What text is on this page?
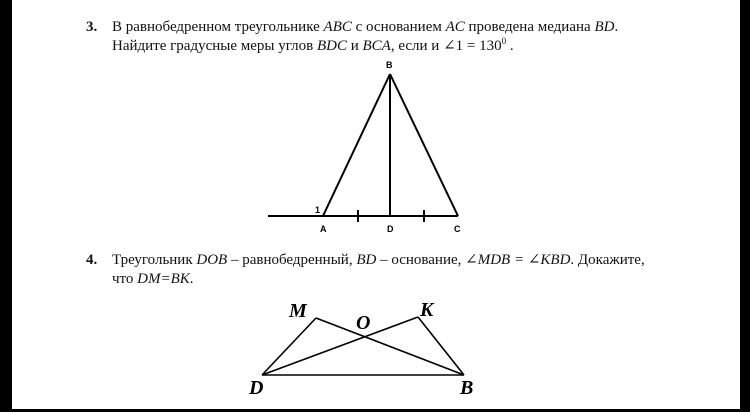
3. В равнобедренном треугольнике ABC с основанием AC проведена медиана BD.
Найдите градусные меры углов BDC и BCA, если и ∠1 = $130^0$ .
4. Треугольник DOB – равнобедренный, BD – основание, ∠MDB = ∠KBD. Докажите,
что DM=BK.
B
A	D	C
1
M
O
K
D	B
